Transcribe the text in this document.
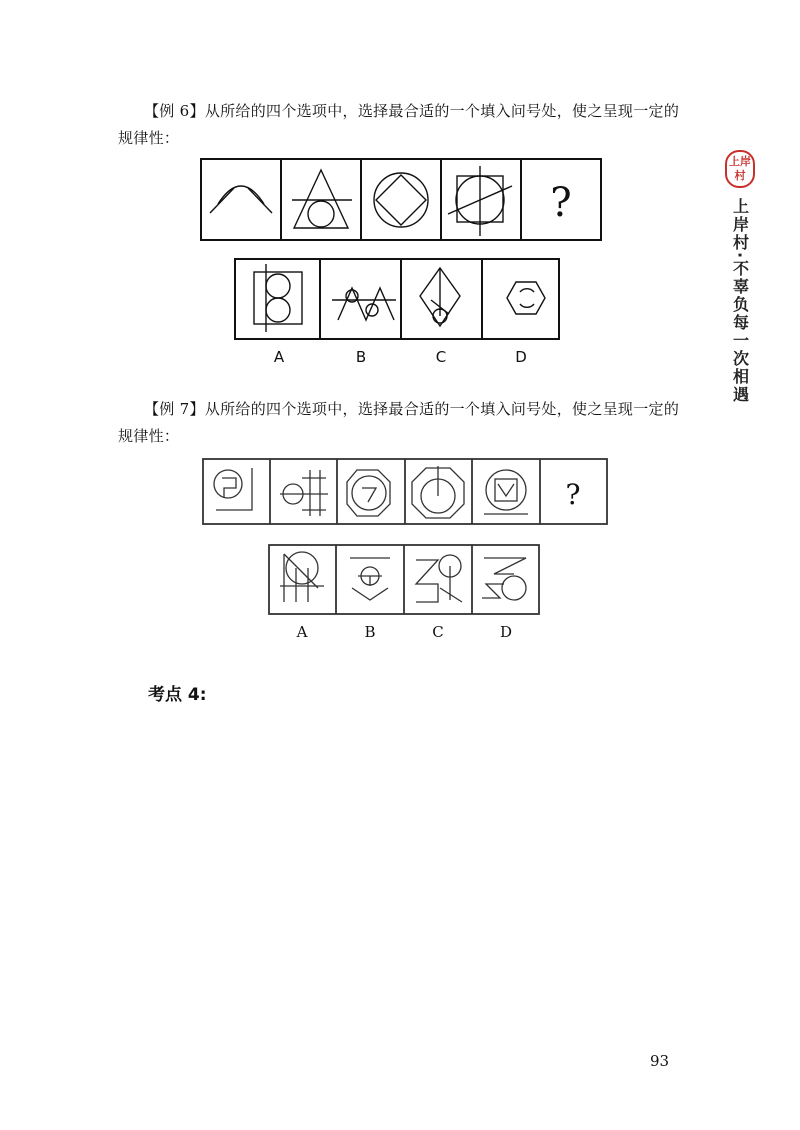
【例 6】从所给的四个选项中，选择最合适的一个填入问号处，使之呈现一定的规律性：
?
A	B	C	D
【例 7】从所给的四个选项中，选择最合适的一个填入问号处，使之呈现一定的规律性：
?
A	B	C	D
考点 4:
上岸村
上岸村·不辜负每一次相遇
93
